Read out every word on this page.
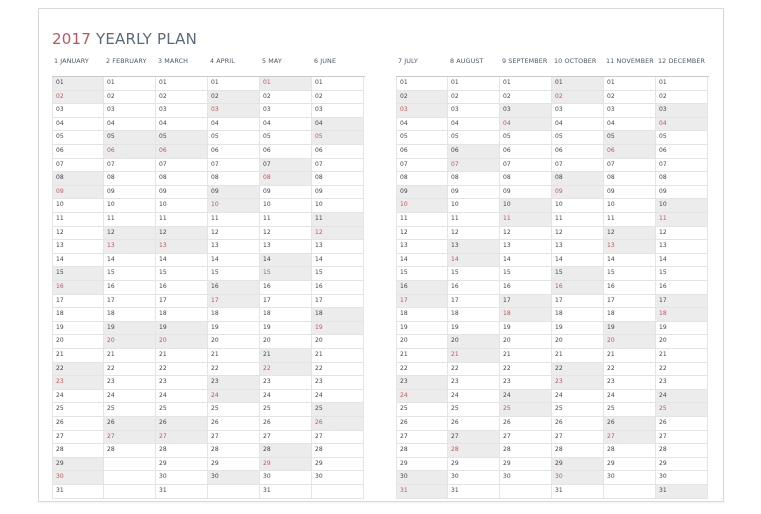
2017 YEARLY PLAN
1 JANUARY
01
02
03
04
05
06
07
08
09
10
11
12
13
14
15
16
17
18
19
20
21
22
23
24
25
26
27
28
29
30
31
2 FEBRUARY
01
02
03
04
05
06
07
08
09
10
11
12
13
14
15
16
17
18
19
20
21
22
23
24
25
26
27
28
3 MARCH
01
02
03
04
05
06
07
08
09
10
11
12
13
14
15
16
17
18
19
20
21
22
23
24
25
26
27
28
29
30
31
4 APRIL
01
02
03
04
05
06
07
08
09
10
11
12
13
14
15
16
17
18
19
20
21
22
23
24
25
26
27
28
29
30
5 MAY
01
02
03
04
05
06
07
08
09
10
11
12
13
14
15
16
17
18
19
20
21
22
23
24
25
26
27
28
29
30
31
6 JUNE
01
02
03
04
05
06
07
08
09
10
11
12
13
14
15
16
17
18
19
20
21
22
23
24
25
26
27
28
29
30
7 JULY
01
02
03
04
05
06
07
08
09
10
11
12
13
14
15
16
17
18
19
20
21
22
23
24
25
26
27
28
29
30
31
8 AUGUST
01
02
03
04
05
06
07
08
09
10
11
12
13
14
15
16
17
18
19
20
21
22
23
24
25
26
27
28
29
30
31
9 SEPTEMBER
01
02
03
04
05
06
07
08
09
10
11
12
13
14
15
16
17
18
19
20
21
22
23
24
25
26
27
28
29
30
10 OCTOBER
01
02
03
04
05
06
07
08
09
10
11
12
13
14
15
16
17
18
19
20
21
22
23
24
25
26
27
28
29
30
31
11 NOVEMBER
01
02
03
04
05
06
07
08
09
10
11
12
13
14
15
16
17
18
19
20
21
22
23
24
25
26
27
28
29
30
12 DECEMBER
01
02
03
04
05
06
07
08
09
10
11
12
13
14
15
16
17
18
19
20
21
22
23
24
25
26
27
28
29
30
31
